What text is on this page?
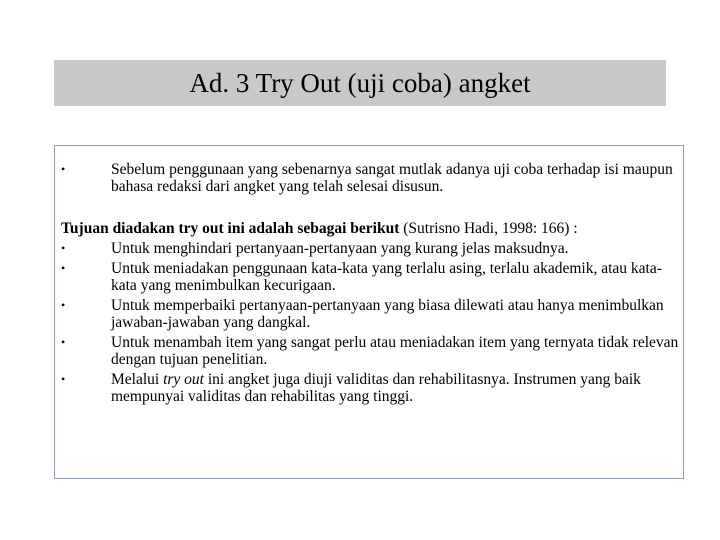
Ad. 3 Try Out (uji coba) angket
•	Sebelum penggunaan yang sebenarnya sangat mutlak adanya uji coba terhadap isi maupun bahasa redaksi dari angket yang telah selesai disusun.
Tujuan diadakan try out ini adalah sebagai berikut (Sutrisno Hadi, 1998: 166) :
•	Untuk menghindari pertanyaan-pertanyaan yang kurang jelas maksudnya.
•	Untuk meniadakan penggunaan kata-kata yang terlalu asing, terlalu akademik, atau kata-kata yang menimbulkan kecurigaan.
•	Untuk memperbaiki pertanyaan-pertanyaan yang biasa dilewati atau hanya menimbulkan jawaban-jawaban yang dangkal.
•	Untuk menambah item yang sangat perlu atau meniadakan item yang ternyata tidak relevan dengan tujuan penelitian.
•	Melalui try out ini angket juga diuji validitas dan rehabilitasnya. Instrumen yang baik mempunyai validitas dan rehabilitas yang tinggi.
